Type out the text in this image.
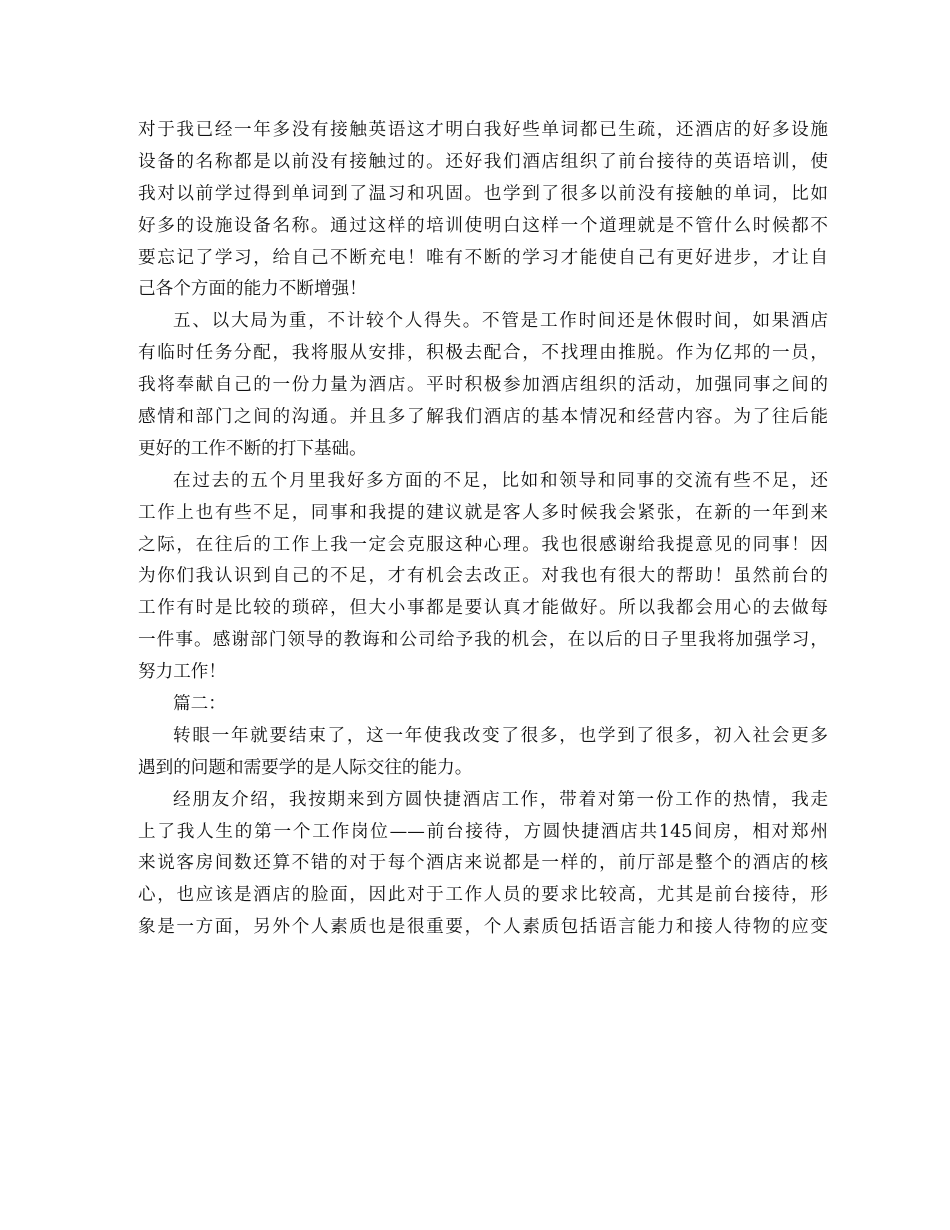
对于我已经一年多没有接触英语这才明白我好些单词都已生疏，还酒店的好多设施
设备的名称都是以前没有接触过的。还好我们酒店组织了前台接待的英语培训，使
我对以前学过得到单词到了温习和巩固。也学到了很多以前没有接触的单词，比如
好多的设施设备名称。通过这样的培训使明白这样一个道理就是不管什么时候都不
要忘记了学习，给自己不断充电！唯有不断的学习才能使自己有更好进步，才让自
己各个方面的能力不断增强！
五、以大局为重，不计较个人得失。不管是工作时间还是休假时间，如果酒店
有临时任务分配，我将服从安排，积极去配合，不找理由推脱。作为亿邦的一员，
我将奉献自己的一份力量为酒店。平时积极参加酒店组织的活动，加强同事之间的
感情和部门之间的沟通。并且多了解我们酒店的基本情况和经营内容。为了往后能
更好的工作不断的打下基础。
在过去的五个月里我好多方面的不足，比如和领导和同事的交流有些不足，还
工作上也有些不足，同事和我提的建议就是客人多时候我会紧张，在新的一年到来
之际，在往后的工作上我一定会克服这种心理。我也很感谢给我提意见的同事！因
为你们我认识到自己的不足，才有机会去改正。对我也有很大的帮助！虽然前台的
工作有时是比较的琐碎，但大小事都是要认真才能做好。所以我都会用心的去做每
一件事。感谢部门领导的教诲和公司给予我的机会，在以后的日子里我将加强学习，
努力工作！
篇二：
转眼一年就要结束了，这一年使我改变了很多，也学到了很多，初入社会更多
遇到的问题和需要学的是人际交往的能力。
经朋友介绍，我按期来到方圆快捷酒店工作，带着对第一份工作的热情，我走
上了我人生的第一个工作岗位——前台接待，方圆快捷酒店共145间房，相对郑州
来说客房间数还算不错的对于每个酒店来说都是一样的，前厅部是整个的酒店的核
心，也应该是酒店的脸面，因此对于工作人员的要求比较高，尤其是前台接待，形
象是一方面，另外个人素质也是很重要，个人素质包括语言能力和接人待物的应变
